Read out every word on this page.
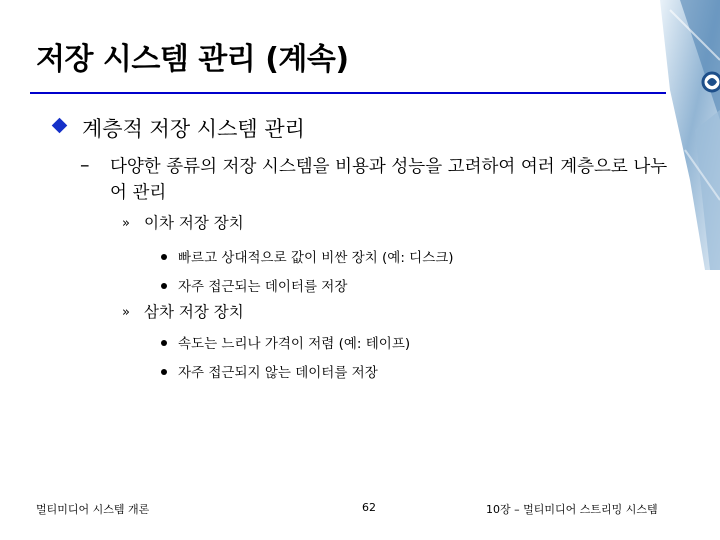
저장 시스템 관리 (계속)
계층적 저장 시스템 관리
– 다양한 종류의 저장 시스템을 비용과 성능을 고려하여 여러 계층으로 나누어 관리
» 이차 저장 장치
빠르고 상대적으로 값이 비싼 장치 (예: 디스크)
자주 접근되는 데이터를 저장
» 삼차 저장 장치
속도는 느리나 가격이 저렴 (예: 테이프)
자주 접근되지 않는 데이터를 저장
멀티미디어 시스템 개론	62	10장 – 멀티미디어 스트리밍 시스템
